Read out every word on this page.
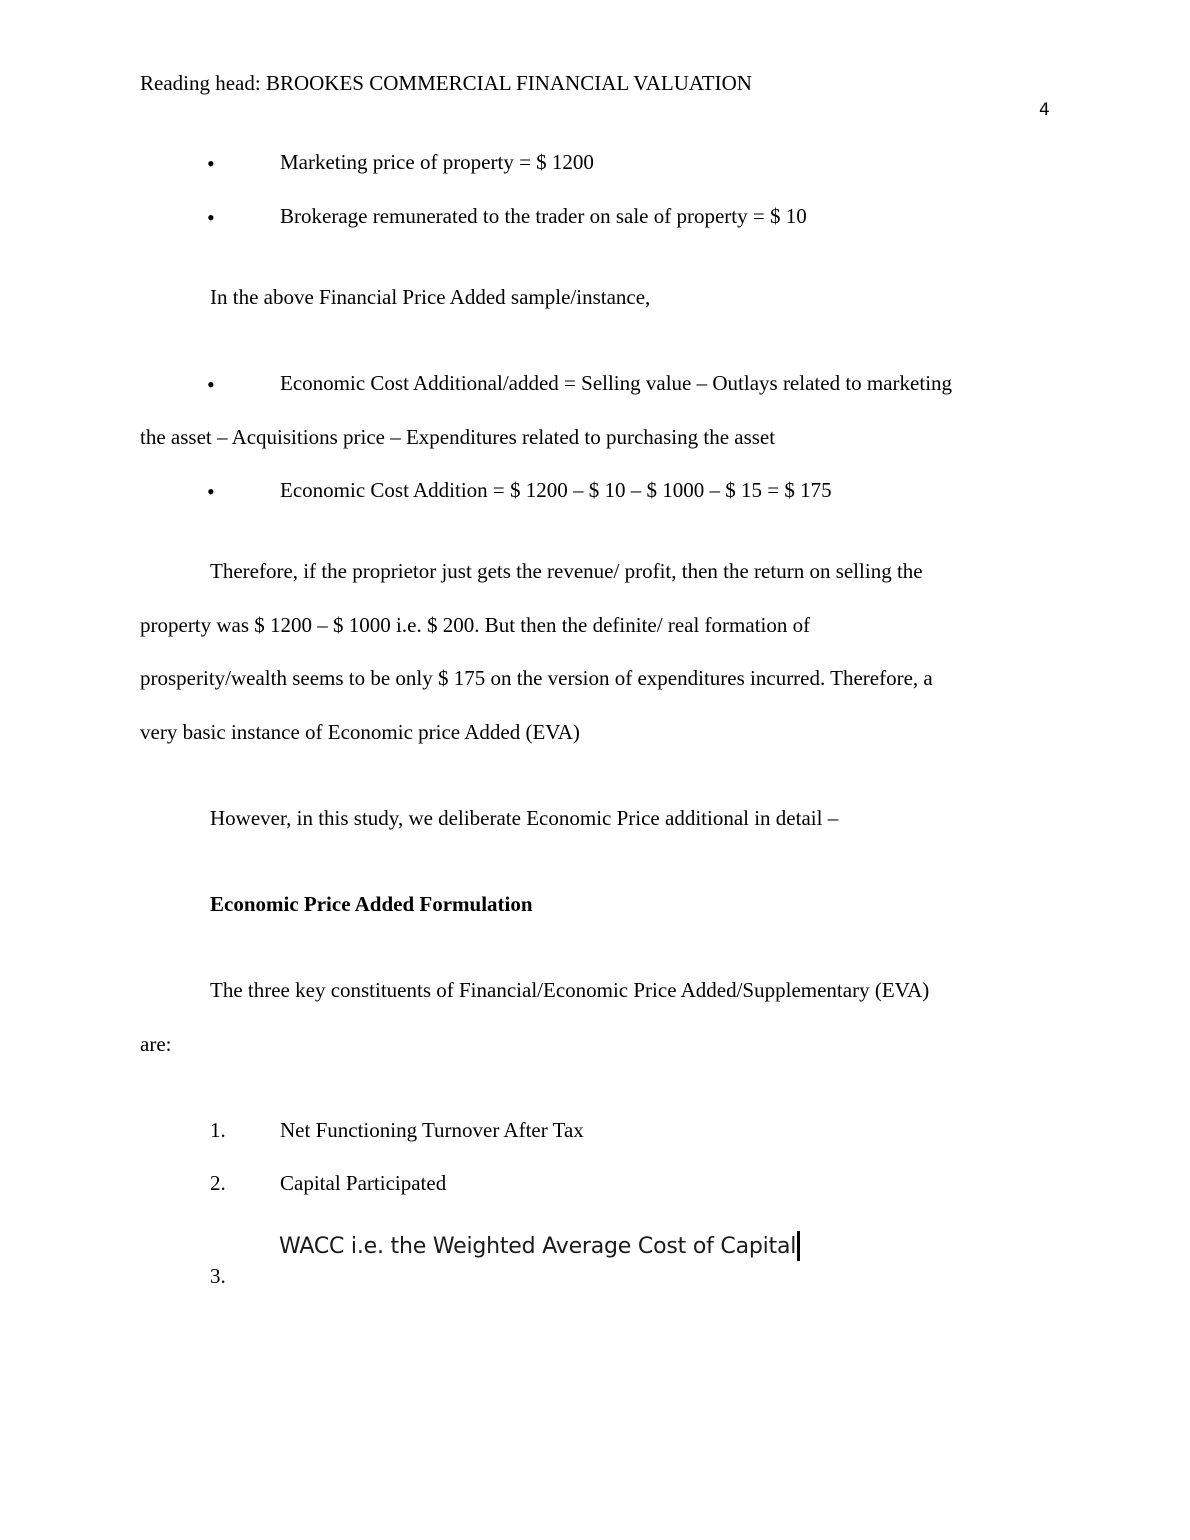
Reading head: BROOKES COMMERCIAL FINANCIAL VALUATION
4
•	Marketing price of property = $ 1200
•	Brokerage remunerated to the trader on sale of property = $ 10
In the above Financial Price Added sample/instance,
•	Economic Cost Additional/added = Selling value – Outlays related to marketing
the asset – Acquisitions price – Expenditures related to purchasing the asset
•	Economic Cost Addition = $ 1200 – $ 10 – $ 1000 – $ 15 = $ 175
Therefore, if the proprietor just gets the revenue/ profit, then the return on selling the
property was $ 1200 – $ 1000 i.e. $ 200. But then the definite/ real formation of
prosperity/wealth seems to be only $ 175 on the version of expenditures incurred. Therefore, a
very basic instance of Economic price Added (EVA)
However, in this study, we deliberate Economic Price additional in detail –
Economic Price Added Formulation
The three key constituents of Financial/Economic Price Added/Supplementary (EVA)
are:
1.	Net Functioning Turnover After Tax
2.	Capital Participated
3.
WACC i.e. the Weighted Average Cost of Capital
